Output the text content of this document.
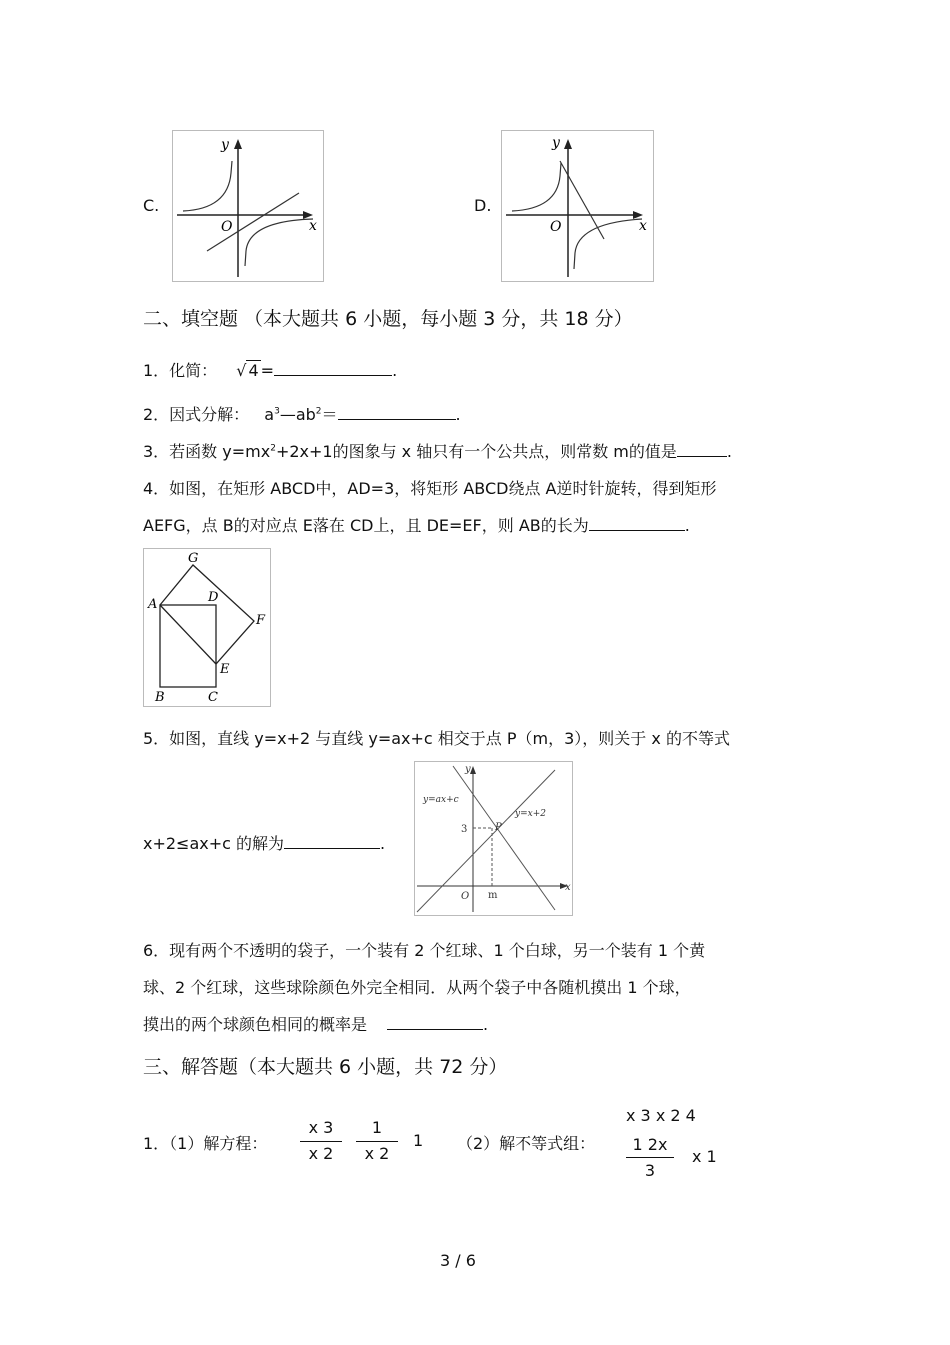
C.
y
x
O
D.
y
x
O
二、填空题 （本大题共 6 小题，每小题 3 分，共 18 分）
1．化简： √ 4 =	.
2．因式分解： $a^3—ab^2=$	.
3．若函数 $y=mx^2+2x+1$的图象与 x 轴只有一个公共点，则常数 m的值是	.
4．如图，在矩形 ABCD中，AD=3，将矩形 ABCD绕点 A逆时针旋转，得到矩形
AEFG，点 B的对应点 E落在 CD上，且 DE=EF，则 AB的长为	.
A
B	C
D
E
F
G
5．如图，直线 y=x+2 与直线 y=ax+c 相交于点 P（m，3），则关于 x 的不等式
x+2≤ax+c 的解为	.
y=ax+c
y=x+2
3
m
P
x
y
O
6．现有两个不透明的袋子，一个装有 2 个红球、1 个白球，另一个装有 1 个黄
球、2 个红球，这些球除颜色外完全相同．从两个袋子中各随机摸出 1 个球，
摸出的两个球颜色相同的概率是	.
三、解答题（本大题共 6 小题，共 72 分）
1．（1）解方程：
x 3
x 2
1
x 2
1 （2）解不等式组：
x 3 x 2 4
1 2x
3
x 1
3 / 6
